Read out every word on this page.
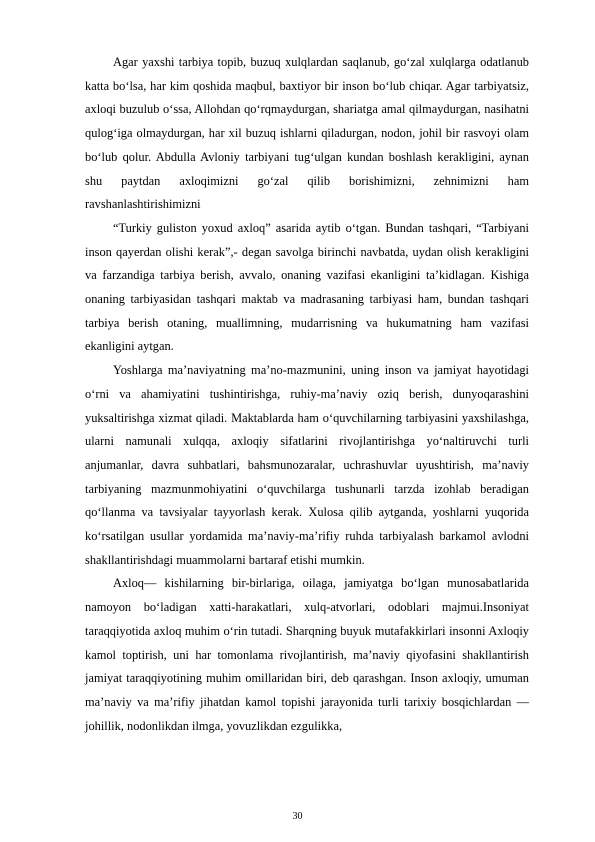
Agar yaxshi tarbiya topib, buzuq xulqlardan saqlanub, go‘zal xulqlarga odatlanub katta bo‘lsa, har kim qoshida maqbul, baxtiyor bir inson bo‘lub chiqar. Agar tarbiyatsiz, axloqi buzulub o‘ssa, Allohdan qo‘rqmaydurgan, shariatga amal qilmaydurgan, nasihatni qulog‘iga olmaydurgan, har xil buzuq ishlarni qiladurgan, nodon, johil bir rasvoyi olam bo‘lub qolur. Abdulla Avloniy tarbiyani tug‘ulgan kundan boshlash kerakligini, aynan shu paytdan axloqimizni go‘zal qilib borishimizni, zehnimizni ham ravshanlashtirishimizni

“Turkiy guliston yoxud axloq” asarida aytib o‘tgan. Bundan tashqari, “Tarbiyani inson qayerdan olishi kerak”,- degan savolga birinchi navbatda, uydan olish kerakligini va farzandiga tarbiya berish, avvalo, onaning vazifasi ekanligini ta’kidlagan. Kishiga onaning tarbiyasidan tashqari maktab va madrasaning tarbiyasi ham, bundan tashqari tarbiya berish otaning, muallimning, mudarrisning va hukumatning ham vazifasi ekanligini aytgan.

Yoshlarga ma’naviyatning ma’no-mazmunini, uning inson va jamiyat hayotidagi o‘rni va ahamiyatini tushintirishga, ruhiy-ma’naviy oziq berish, dunyoqarashini yuksaltirishga xizmat qiladi. Maktablarda ham o‘quvchilarning tarbiyasini yaxshilashga, ularni namunali xulqqa, axloqiy sifatlarini rivojlantirishga yo‘naltiruvchi turli anjumanlar, davra suhbatlari, bahsmunozaralar, uchrashuvlar uyushtirish, ma’naviy tarbiyaning mazmunmohiyatini o‘quvchilarga tushunarli tarzda izohlab beradigan qo‘llanma va tavsiyalar tayyorlash kerak. Xulosa qilib aytganda, yoshlarni yuqorida ko‘rsatilgan usullar yordamida ma’naviy-ma’rifiy ruhda tarbiyalash barkamol avlodni shakllantirishdagi muammolarni bartaraf etishi mumkin.

Axloq— kishilarning bir-birlariga, oilaga, jamiyatga bo‘lgan munosabatlarida namoyon bo‘ladigan xatti-harakatlari, xulq-atvorlari, odoblari majmui.Insoniyat taraqqiyotida axloq muhim o‘rin tutadi. Sharqning buyuk mutafakkirlari insonni Axloqiy kamol toptirish, uni har tomonlama rivojlantirish, ma’naviy qiyofasini shakllantirish jamiyat taraqqiyotining muhim omillaridan biri, deb qarashgan. Inson axloqiy, umuman ma’naviy va ma’rifiy jihatdan kamol topishi jarayonida turli tarixiy bosqichlardan — johillik, nodonlikdan ilmga, yovuzlikdan ezgulikka,

30
